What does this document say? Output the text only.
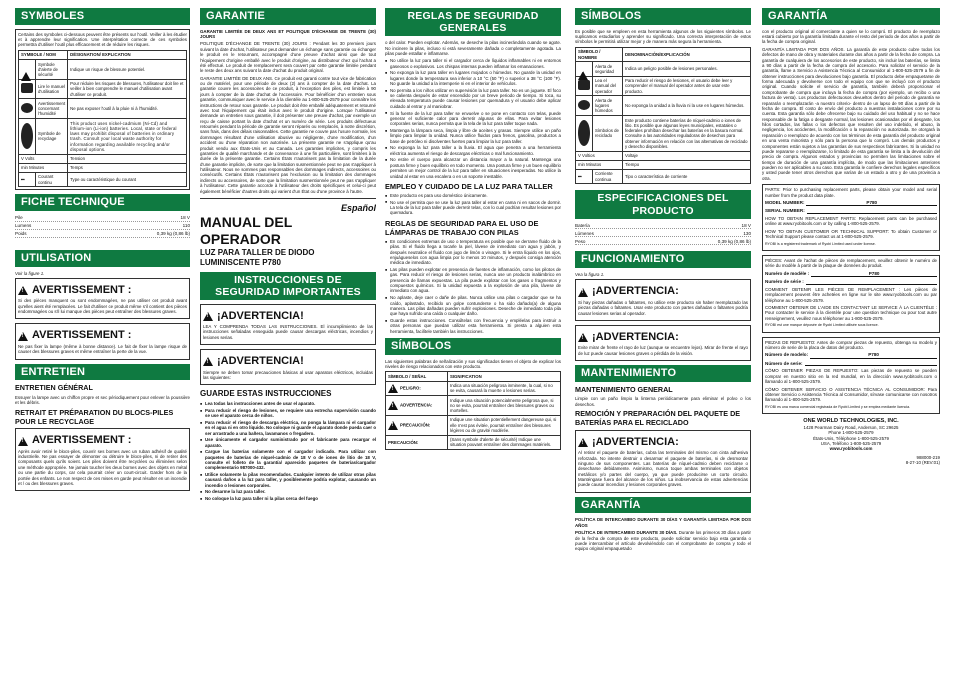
SYMBOLES

Certains des symboles ci-dessous peuvent être présents sur l'outil. Veiller à les étudier et à apprendre leur signification. Une interprétation correcte de ces symboles permettra d'utiliser l'outil plus efficacement et de réduire les risques.

SYMBOLE / NOM		DÉSIGNATION/ EXPLICATION
!	Symbole d'alerte de sécurité	Indique un risque de blessure potentiel.
	Lire le manuel d'utilisation	Pour réduire les risques de blessures, l'utilisateur doit lire et veiller à bien comprendre le manuel d'utilisation avant d'utiliser ce produit.
	Avertissement concernant l'humidité	Ne pas exposer l'outil à la pluie ni à l'humidité.
	Symbole de recyclage	This product uses nickel-cadmium (Ni-Cd) and lithium-ion (Li-ion) batteries. Local, state or federal laws may prohibit disposal of batteries in ordinary trash. Consult your local waste authority for information regarding available recycling and/or disposal options.
V Volts		Tension
min Minutes		Temps
⎓	Courant continu	Type ou caractéristique du courant
FICHE TECHNIQUE
Pile	18 V
Lumens	110
Poids	0,39 kg (0,86 lb)
UTILISATION

Voir la figure 1.

!
AVERTISSEMENT :

Si des pièces manquent ou sont endommagées, ne pas utiliser cet produit avant qu'elles aient été remplacées. Le fait d'utiliser ce produit même s'il contient des pièces endommagées ou s'il lui manque des pièces peut entraîner des blessures graves.

!
AVERTISSEMENT :

Ne pas fixer la lampe (même à bonne distance). Le fait de fixer la lampe risque de causer des blessures graves et même entraîner la perte de la vue.

ENTRETIEN
ENTRETIEN GÉNÉRAL

Essuyer la lampe avec un chiffon propre et sec périodiquement pour enlever la poussière et les débris.

RETRAIT ET PRÉPARATION DU BLOCS-PILES POUR LE RECYCLAGE
!
AVERTISSEMENT :

Après avoir retiré le blocs-piles, couvrir ses bornes avec un ruban adhésif de qualité industrielle. Ne pas essayer de démonter ou détruire le blocs-piles, ni de retirer des composants quels qu'ils soient. Les piles doivent être recyclées ou éliminées selon une méthode appropriée. Ne jamais toucher les deux bornes avec des objets en métal ou une partie du corps, car cela pourrait créer un court-circuit. Garder hors de la portée des enfants. Le non respect de ces mises en garde peut résulter en un incendie et / ou des blessures graves.

GARANTIE

GARANTIE LIMITÉE DE DEUX ANS ET POLITIQUE D'ÉCHANGE DE TRENTE (30) JOURS

POLITIQUE D'ÉCHANGE DE TRENTE (30) JOURS : Pendant les 30 premiers jours suivant la date d'achat, l'utilisateur peut demander un échange sans garantie ou échanger le produit en le retournant, accompagné d'une preuve d'achat ainsi que de tout l'équipement d'origine emballé avec le produit d'origine, au distributeur chez qui l'achat a été effectué. Le produit de remplacement sera couvert par cette garantie limitée pendant le reste des deux ans suivant la date d'achat du produit original.

GARANTIE LIMITÉE DE DEUX ANS. Ce produit est garanti contre tout vice de fabrication ou de matériel, pour une période de deux (2) ans à compter de la date d'achat. La garantie couvre les accessoires de ce produit, à l'exception des piles, est limitée à 90 jours à compter de la date d'achat de l'accessoire. Pour bénéficier d'un entretien sous garantie, communiquer avec le service à la clientèle au 1-800-525-2579 pour connaître les instructions de retour sous garantie. Le produit doit être emballé adéquatement et retourné avec tout l'équipement qui était inclus avec le produit d'origine. Lorsque l'utilisateur demande un entretien sous garantie, il doit présenter une preuve d'achat, par exemple un reçu de caisse portant la date d'achat et un numéro de série. Les produits défectueux retournés pendant la période de garantie seront réparés ou remplacés, à notre discrétion, sans frais, dans des délais raisonnables. Cette garantie ne couvre pas l'usure normale, les dommages résultant d'une utilisation abusive ou négligente, d'une modification, d'un accident ou d'une réparation non autorisée. La présente garantie ne s'applique qu'au produit vendu aux États-Unis et au Canada. Les garanties implicites, y compris les garanties de qualité marchande et de convenance à une fin particulière, sont limitées à la durée de la présente garantie. Certains États n'autorisent pas la limitation de la durée d'une garantie implicite, de sorte que la limitation susmentionnée peut ne pas s'appliquer à l'utilisateur. Nous ne sommes pas responsables des dommages indirects, accessoires ou consécutifs. Certains États n'autorisent pas l'exclusion ou la limitation des dommages indirects ou accessoires, de sorte que la limitation susmentionnée peut ne pas s'appliquer à l'utilisateur. Cette garantie accorde à l'utilisateur des droits spécifiques et celui-ci peut également bénéficier d'autres droits qui varient d'un État ou d'une province à l'autre.

Español
MANUAL DEL OPERADOR
LUZ PARA TALLER DE DIODO
LUMINISCENTE P780
INSTRUCCIONES DE SEGURIDAD IMPORTANTES
!
¡ADVERTENCIA!

LEA Y COMPRENDA TODAS LAS INSTRUCCIONES. El incumplimiento de las instrucciones señaladas enseguida puede causar descargas eléctricas, incendios y lesiones serias.

!
¡ADVERTENCIA!

Siempre se deben tomar precauciones básicas al usar aparatos eléctricos, incluidas las siguientes:

GUARDE ESTAS INSTRUCCIONES
■ Lea todas las instrucciones antes de usar el aparato.
■ Para reducir el riesgo de lesiones, se requiere una estrecha supervisión cuando se use el aparato cerca de niños.
■ Para reducir el riesgo de descarga eléctrica, no ponga la lámpara ni el cargador en el agua ni en otro líquido. No coloque ni guarde el aparato donde pueda caer o ser arrastrado a una bañera, lavamanos o fregadero.
■ Use únicamente el cargador suministrado por el fabricante para recargar el aparato.
■ Cargue las baterías solamente con el cargador indicado. Para utilizar con paquetes de baterías de níquel-cadmio de 18 V o de iones de litio de 18 V, consulte el folleto de la garantía/ aparecido paquetes de baterías/cargador complementario 987000-432.
■ Utilice solamente la pilas recomendados. Cualquier intento de utilizar otras pilas causará daños a la luz para taller, y posiblemente podría explotar, causando un incendio o lesiones corporales.
■ No desarme la luz para taller.
■ No coloque la luz para taller ni la pilas cerca del fuego
REGLAS DE SEGURIDAD GENERALES

o del calor. Pueden explotar. Además, se deseche la pilas incinerándola cuando se agote. No incinere la pilas, incluso si está severamente dañada o completamente agotada. La pilas puede estallar e inflamarse.

■ No utilice la luz para taller ni el cargador cerca de líquidos inflamables ni en entornos gaseosos o explosivos. Los chispas internas pueden inflamar los emanaciones.
■ No exponga la luz para taller en lugares mojados o húmedos. No guarde la unidad en lugares donde la temperatura sea inferior a 10 °C (50 °F) o superior a 38 °C (100 °F). No guarde la unidad a la intemperie ni en el interior de vehículos.
■ No permita a los niños utilizar en supervisión la luz para taller. No es un juguete. El foco se calienta después de estar encendido por un breve periodo de tiempo. Si toca, su elevada temperatura puede causar lesiones por quemadura y el usuario debe aplicar cuidado al entrar y al maniobrar.
■ Si la fuente de la luz para taller se envuelve o se pone en contacto con telas, puede generar el suficiente calor para derretir algunas de ellas. Para evitar lesiones corporales serias, nunca permita que la tela de la luz para taller toque nada.
■ Mantenga la lámpara seca, limpia y libre de aceites y grasas. Siempre utilice un paño limpio para limpiar la unidad. Nunca utilice fluidos para frenos, gasolina, productos a base de petróleo ni disolventes fuertes para limpiar la luz para taller.
■ No exponga la luz para taller a la lluvia. El agua que penetra a una herramienta eléctrica aumenta el riesgo de descargas eléctricas o mal funcionamiento.
■ No estire el cuerpo para alcanzar un distancia mayor a la natural. Mantenga una postura firme y buen equilibrio en todo momento. Una postura firme y un buen equilibrio permiten un mejor control de la luz para taller en situaciones inesperadas. No utilice la unidad al estar en una escalera o en un soporte inestable.
EMPLEO Y CUIDADO DE LA LUZ PARA TALLER
■ Este producto es para uso doméstico únicamente.
■ No use el permita que se use la luz para taller al estar en cama ni en sacos de dormir. La tela de la luz para taller puede derretir telas, con lo cual podrían resultar lesiones por quemadura.
REGLAS DE SEGURIDAD PARA EL USO DE LÁMPARAS DE TRABAJO CON PILAS
■ En condiciones extremas de uso o temperatura es posible que se derrame fluido de la pilas. Si el fluido llega a tocarle la piel, lávese de inmediato con agua y jabón, y después neutralice el fluido con jugo de limón o vinagre. Si le entra líquido en los ojos, enjuágueselos con agua limpia por lo menos 10 minutos, y después consiga atención médica de inmediato.
■ Las pilas pueden explotar en presencia de fuentes de inflamación, como los pilotos de gas. Para reducir el riesgo de lesiones serias, nunca use un producto inalámbrico en presencia de llamas expuestas. La pila puede explotar con los gases o fragmentos y compuestos químicos. Si la unidad expuesta a la explosión de una pila, lávese de inmediato con agua.
■ No aplaste, deje caer o dañe de pilas. Nunca utilice una pilas o cargador que se ha caído, aplastado, recibido un golpe contundente o ha sido dañado(a) de alguna manera. Las pilas dañadas pueden sufrir explosiones. Deseche de inmediato toda pila que haya sufrido una caída o cualquier daño.
■ Guarde estas instrucciones. Consúltelas con frecuencia y empléelas para instruir a otras personas que puedan utilizar esta herramienta. Si presta a alguien esta herramienta, facilítele también las instrucciones.
SÍMBOLOS

Las siguientes palabras de señalización y sus significados tienen el objeto de explicar los niveles de riesgo relacionados con este producto.

SÍMBOLO / SEÑAL	SIGNIFICATION
!PELIGRO:	Indica una situación peligrosa inminente, la cual, si no se evita, causará la muerte o lesiones serias.
!ADVERTENCIA:	Indique una situación potencialmente peligrosa que, si no se evita, pourrait entraîner des blessures graves ou mortelles.
!PRECAUCIÓN:	Indique une situation potentiellement dangereuse qui, si elle n'est pas évitée, pourrait entraîner des blessures légères ou de gravité modérée.
PRECAUCIÓN:	(Sans symbole d'alerte de sécurité) Indique une situation pouvant entraîner des dommages matériels.
SÍMBOLOS

Es posible que se empleen en esta herramienta algunos de los siguientes símbolos. Le suplicamos estudiarlos y aprender su significado. Una correcta interpretación de estos símbolos le permitirá utilizar mejor y de manera más segura la herramienta.

SÍMBOLO / NOMBRE		DENOMINACIÓN/EXPLICACIÓN
!	Alerta de seguridad	Indica un peligro posible de lesiones personales.
	Lea el manual del operador	Para reducir el riesgo de lesiones, el usuario debe leer y comprender el manual del operador antes de usar este producto.
	Alerta de lugares húmedos	No exponga la unidad a la lluvia ni la use en lugares húmedos.
	Símbolos de reciclado	Este producto contiene baterías de níquel-cadmio o iones de litio. Es posible que algunas leyes municipales, estatales o federales prohíban desechar las baterías en la basura normal. Consulte a las autoridades reguladoras de desechos para obtener información en relación con las alternativas de reciclado y desecho disponibles.
V Voltios		Voltaje
min Minutos		Tiempo
⎓	Corriente continua	Tipo o característica de corriente
ESPECIFICACIONES DEL PRODUCTO
Batería	18 V
Lúmenes	130
Peso	0,39 kg (0,86 lb)
FUNCIONAMIENTO

Vea la figura 1.

!
¡ADVERTENCIA:

Si hay piezas dañadas o faltantes, no utilice este producto sin haber reemplazado las piezas dañadas o faltantes. Usar este producto con partes dañadas o faltantes podría causar lesiones serias al operador.

!
¡ADVERTENCIA:

Evite mirar de frente el rayo de luz (aunque se encuentre lejos). Mirar de frente el rayo de luz puede causar lesiones graves o pérdida de la visión.

MANTENIMIENTO
MANTENIMIENTO GENERAL

Limpie con un paño limpio la linterna periódicamente para eliminar el polvo o los desechos.

REMOCIÓN Y PREPARACIÓN DEL PAQUETE DE BATERÍAS PARA EL RECICLADO
!
¡ADVERTENCIA:

Al retirar el paquete de baterías, cubra las terminales del mismo con cinta adhesiva reforzada. No intente destruir o desarmar el paquete de baterías, ni de desmontar ninguno de sus componentes. Las baterías de níquel-cadmio deben reciclarse o desecharse debidamente. Asimismo, nunca toque ambas terminales con objetos metálicos y/o partes del cuerpo, ya que puede producirse un corto circuito. Manténgase fuera del alcance de los niños. La inobservancia de estas advertencias puede causar incendios y lesiones corporales graves.

GARANTÍA

POLÍTICA DE INTERCAMBIO DURANTE 30 DÍAS Y GARANTÍA LIMITADA POR DOS AÑOS

POLÍTICA DE INTERCAMBIO DURANTE 30 DÍAS. Durante los primeros 30 días a partir de la fecha de compra de este producto, puede solicitar servicio bajo esta garantía o puede intercambiar el artículo devolviéndolo con el comprobante de compra y todo el equipo original empaquetado

GARANTÍA

con el producto original al comerciante a quien se lo compró. El producto de reemplazo estará cubierto por la garantía limitada durante el resto del periodo de dos años a partir de la fecha de compra original.

GARANTÍA LIMITADA POR DOS AÑOS. La garantía de este producto cubre todos los defectos de mano de obra y materiales durante dos años a partir de la fecha de compra. La garantía de cualquiera de los accesorios de este producto, sin incluir las baterías, se limita a 90 días a partir de la fecha de compra del accesorio. Para solicitar el servicio de la garantía, llame a Servicio a Asistencia Técnica al Consumidor al 1-800-525-2579 a fin de obtener instrucciones para devoluciones bajo garantía. El producto debe empaquetarse de forma adecuada y devolverse con todo el equipo con que se incluyó con el producto original. Cuando solicite el servicio de garantía, también deberá proporcionar el comprobante de compra que incluya la fecha de compra (por ejemplo, un recibo o una factura de venta). Los productos defectuosos devueltos dentro del periodo de garantía se repararán o reemplazarán -a nuestro criterio- dentro de un lapso de 90 días a partir de la fecha de compra. El costo de envío del producto a nuestras instalaciones corre por su cuenta. Esta garantía sólo debe ofrecerse bajo su cuidado del uso habitual y no se hace responsable de la fatiga o desgaste normal, las lesiones ocasionadas por el desgaste, los hilos cortados, las fallas o los defectos que resulten del uso indebido, el abuso, la negligencia, los accidentes, la modificación o la reparación no autorizada. Se otorgará la reparación o reemplazo de acuerdo con los términos de esta garantía del producto original en una venta minorista y sólo para la persona que lo compró. Los demás productos y componentes están sujetos a las garantías de sus respectivos fabricantes. Si la unidad no puede repararse o reemplazarse, lo limitado de esta garantía se limita a la devolución del precio de compra. Algunos estados y provincias no permiten las limitaciones sobre el tiempo de duración de una garantía implícita, de modo que las limitaciones anteriores pueden no ser aplicables a su caso. Esta garantía le confiere derechos legales específicos y usted puede tener otros derechos que varían de un estado a otro y de una provincia a otra.

PARTS: Prior to purchasing replacement parts, please obtain your model and serial number from the product data plate.

MODEL NUMBER:	P780
SERIAL NUMBER:

HOW TO OBTAIN REPLACEMENT PARTS: Replacement parts can be purchased online at www.ryobitools.com or by calling 1-800-525-2579.

HOW TO OBTAIN CUSTOMER OR TECHNICAL SUPPORT: To obtain Customer or Technical Support please contact us at 1-800-525-2579.

RYOBI is a registered trademark of Ryobi Limited used under license.

PIÈCES: Avant de l'achat de pièces de remplacement, veuillez obtenir le numéro de série du modèle à partir de la plaque de données du produit.

Numéro de modèle :	P780
Numéro de série :

COMMENT OBTENIR LES PIÈCES DE REMPLACEMENT : Les pièces de remplacement peuvent être achetées en ligne sur le site www.ryobitools.com ou par téléphone au 1-800-525-2579.

COMMENT OBTENIR DE L'AIDE EN CONTACTANT LE SERVICE À LA CLIENTÈLE : Pour contacter le service à la clientèle pour une question technique ou pour tout autre renseignement, veuillez nous téléphoner au 1-800-525-2579.

RYOBI est une marque déposée de Ryobi Limited utilisée sous licence.

PIEZAS DE REPUESTO: Antes de comprar piezas de repuesto, obtenga su modelo y número de serie de la placa de datos del producto.

Número de modelo:	P780
Número de serie:

CÓMO OBTENER PIEZAS DE REPUESTO: Las piezas de repuesto se pueden comprar en nuestro sitio en la red mundial, en la dirección www.ryobitools.com o llamando al 1-800-525-2579.

CÓMO OBTENER SERVICIO O ASISTENCIA TÉCNICA AL CONSUMIDOR: Para obtener Servicio o Asistencia Técnica al Consumidor, sírvase comunicarse con nosotros llamando al 1-800-525-2579.

RYOBI es una marca comercial registrada de Ryobi Limited y se emplea mediante licencia.

ONE WORLD TECHNOLOGIES, INC.
1428 Pearman Dairy Road, Anderson, SC 29625
Phone 1-800-525-2579
États-Unis, Téléphone 1-800-525-2579
USA, Teléfono 1-800-525-2579
www.ryobitools.com
988000-219
8-27-10 (REV:01)
